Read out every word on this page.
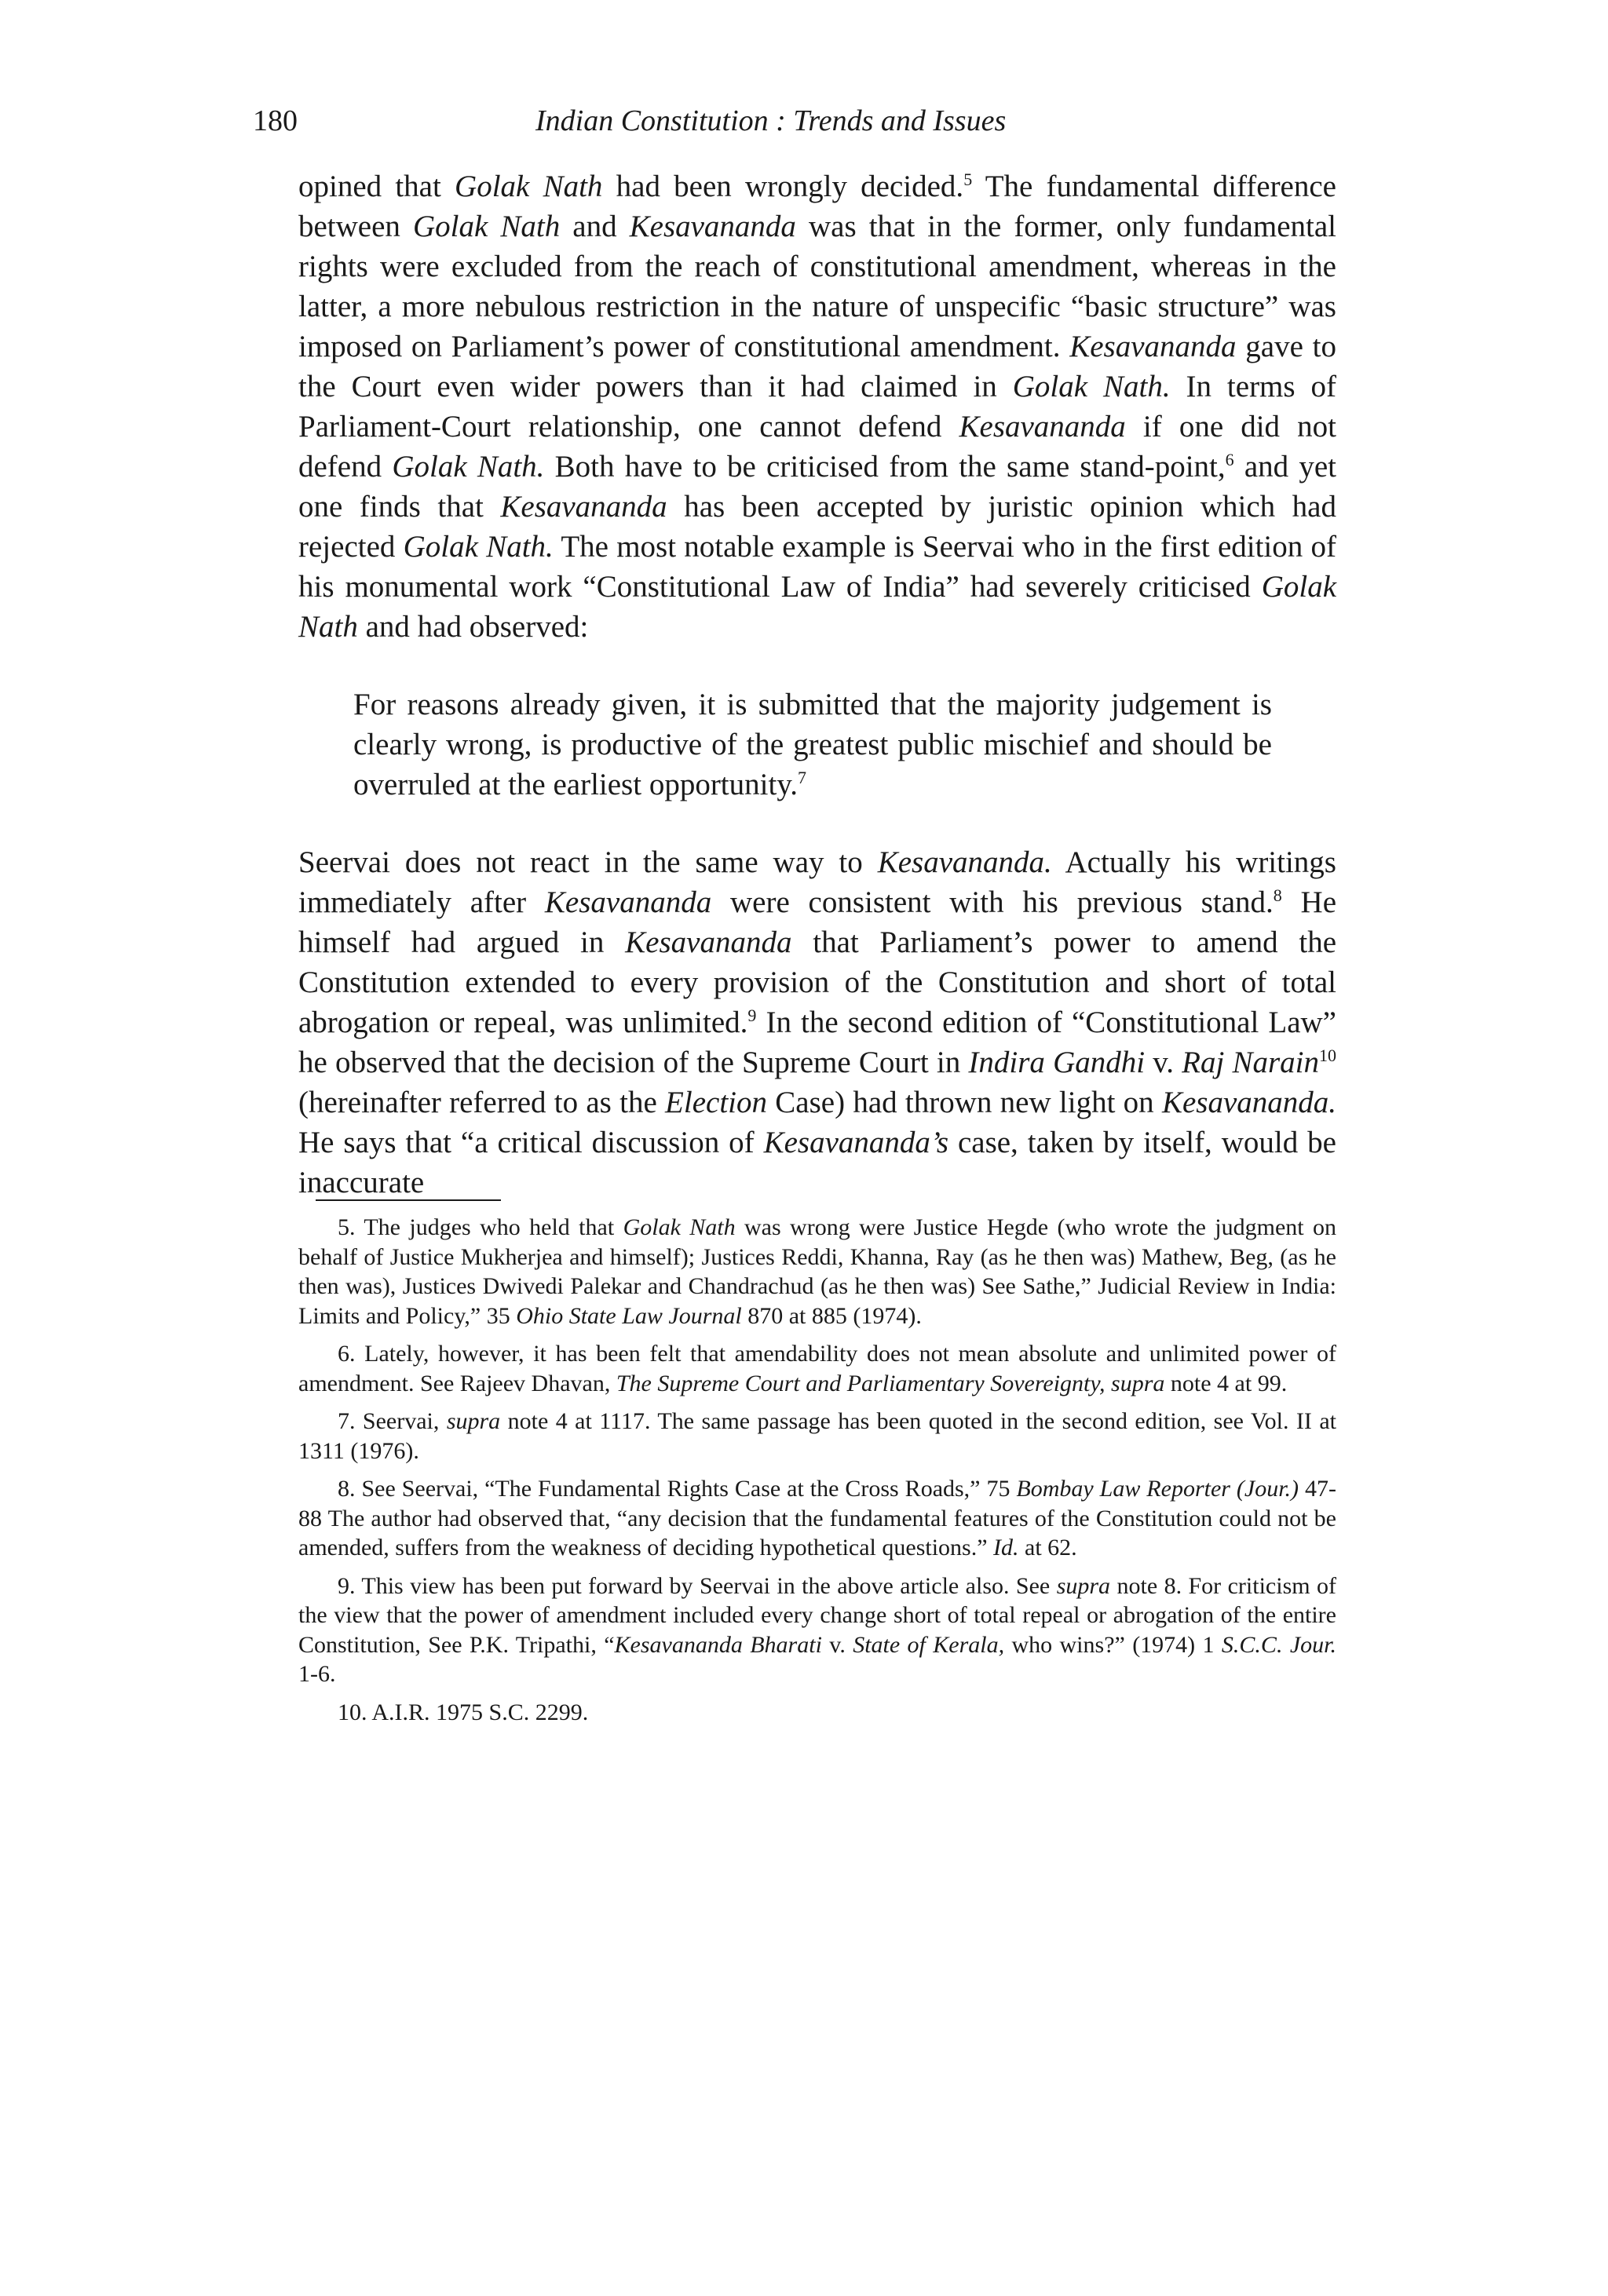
180	Indian Constitution : Trends and Issues

opined that Golak Nath had been wrongly decided.$^5$ The fundamental difference between Golak Nath and Kesavananda was that in the former, only fundamental rights were excluded from the reach of constitutional amendment, whereas in the latter, a more nebulous restriction in the nature of unspecific “basic structure” was imposed on Parliament’s power of constitutional amendment. Kesavananda gave to the Court even wider powers than it had claimed in Golak Nath. In terms of Parliament-Court relationship, one cannot defend Kesavananda if one did not defend Golak Nath. Both have to be criticised from the same stand-point,$^6$ and yet one finds that Kesavananda has been accepted by juristic opinion which had rejected Golak Nath. The most notable example is Seervai who in the first edition of his monumental work “Constitutional Law of India” had severely criticised Golak Nath and had observed:

For reasons already given, it is submitted that the majority judgement is clearly wrong, is productive of the greatest public mischief and should be overruled at the earliest opportunity.$^7$

Seervai does not react in the same way to Kesavananda. Actually his writings immediately after Kesavananda were consistent with his previous stand.$^8$ He himself had argued in Kesavananda that Parliament’s power to amend the Constitution extended to every provision of the Constitution and short of total abrogation or repeal, was unlimited.$^9$ In the second edition of “Constitutional Law” he observed that the decision of the Supreme Court in Indira Gandhi v. Raj Narain$^{10}$ (hereinafter referred to as the Election Case) had thrown new light on Kesavananda. He says that “a critical discussion of Kesavananda’s case, taken by itself, would be inaccurate

5. The judges who held that Golak Nath was wrong were Justice Hegde (who wrote the judgment on behalf of Justice Mukherjea and himself); Justices Reddi, Khanna, Ray (as he then was) Mathew, Beg, (as he then was), Justices Dwivedi Palekar and Chandrachud (as he then was) See Sathe,” Judicial Review in India: Limits and Policy,” 35 Ohio State Law Journal 870 at 885 (1974).

6. Lately, however, it has been felt that amendability does not mean absolute and unlimited power of amendment. See Rajeev Dhavan, The Supreme Court and Parliamentary Sovereignty, supra note 4 at 99.

7. Seervai, supra note 4 at 1117. The same passage has been quoted in the second edition, see Vol. II at 1311 (1976).

8. See Seervai, “The Fundamental Rights Case at the Cross Roads,” 75 Bombay Law Reporter (Jour.) 47-88 The author had observed that, “any decision that the fundamental features of the Constitution could not be amended, suffers from the weakness of deciding hypothetical questions.” Id. at 62.

9. This view has been put forward by Seervai in the above article also. See supra note 8. For criticism of the view that the power of amendment included every change short of total repeal or abrogation of the entire Constitution, See P.K. Tripathi, “Kesavananda Bharati v. State of Kerala, who wins?” (1974) 1 S.C.C. Jour. 1-6.

10. A.I.R. 1975 S.C. 2299.
